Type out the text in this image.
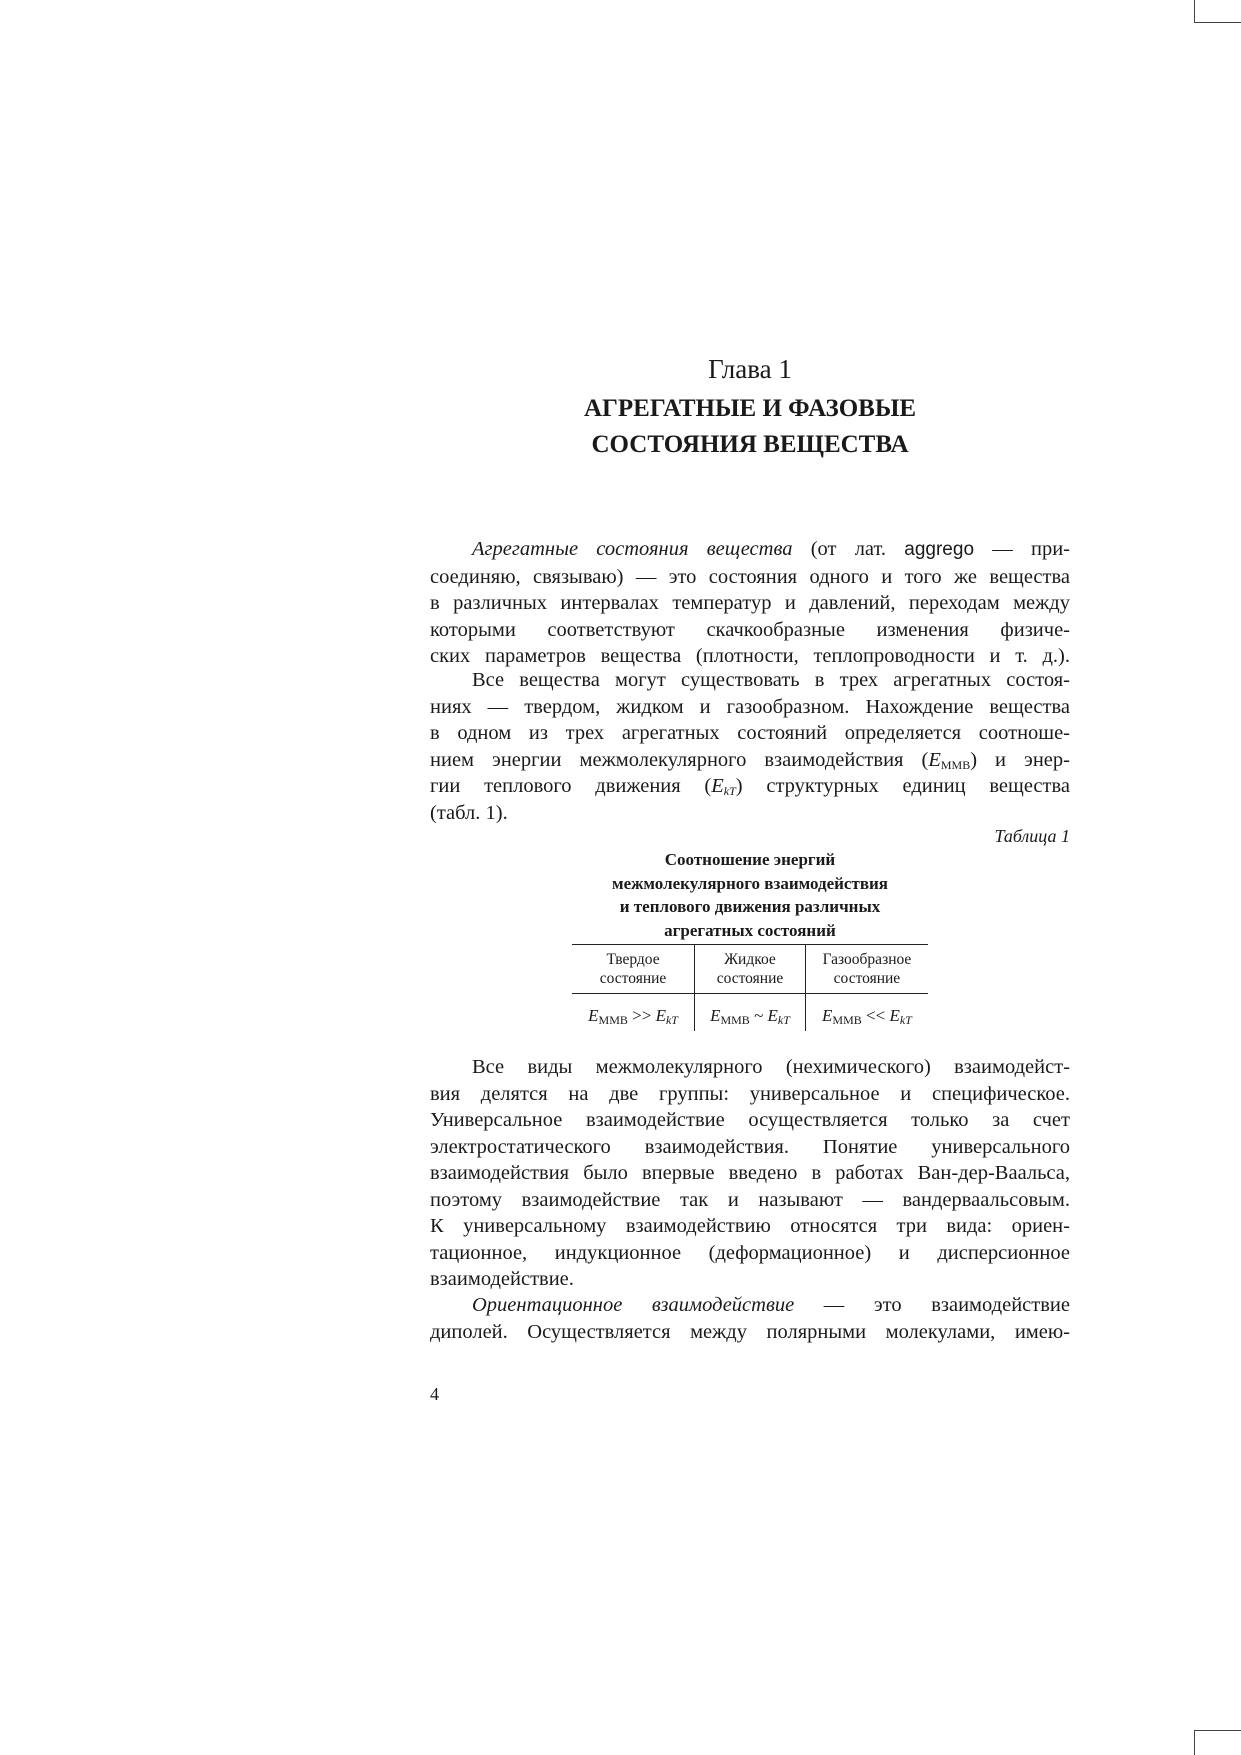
Глава 1
АГРЕГАТНЫЕ И ФАЗОВЫЕ
СОСТОЯНИЯ ВЕЩЕСТВА

Агрегатные состояния вещества (от лат. aggrego — при-
соединяю, связываю) — это состояния одного и того же вещества
в различных интервалах температур и давлений, переходам между
которыми соответствуют скачкообразные изменения физиче-
ских параметров вещества (плотности, теплопроводности и т. д.).

Все вещества могут существовать в трех агрегатных состоя-
ниях — твердом, жидком и газообразном. Нахождение вещества
в одном из трех агрегатных состояний определяется соотноше-
нием энергии межмолекулярного взаимодействия $(E_{ММВ})$ и энер-
гии теплового движения $(E_{kT})$ структурных единиц вещества
(табл. 1).

Таблица 1
Соотношение энергий
межмолекулярного взаимодействия
и теплового движения различных
агрегатных состояний
Твердое
состояние	Жидкое
состояние	Газообразное
состояние
$E_{ММВ} >> E_{kT}$	$E_{ММВ}$ ~ $E_{kT}$	$E_{ММВ} << E_{kT}$

Все виды межмолекулярного (нехимического) взаимодейст-
вия делятся на две группы: универсальное и специфическое.
Универсальное взаимодействие осуществляется только за счет
электростатического взаимодействия. Понятие универсального
взаимодействия было впервые введено в работах Ван-дер-Ваальса,
поэтому взаимодействие так и называют — вандерваальсовым.
К универсальному взаимодействию относятся три вида: ориен-
тационное, индукционное (деформационное) и дисперсионное
взаимодействие.

Ориентационное взаимодействие — это взаимодействие
диполей. Осуществляется между полярными молекулами, имею-

4
